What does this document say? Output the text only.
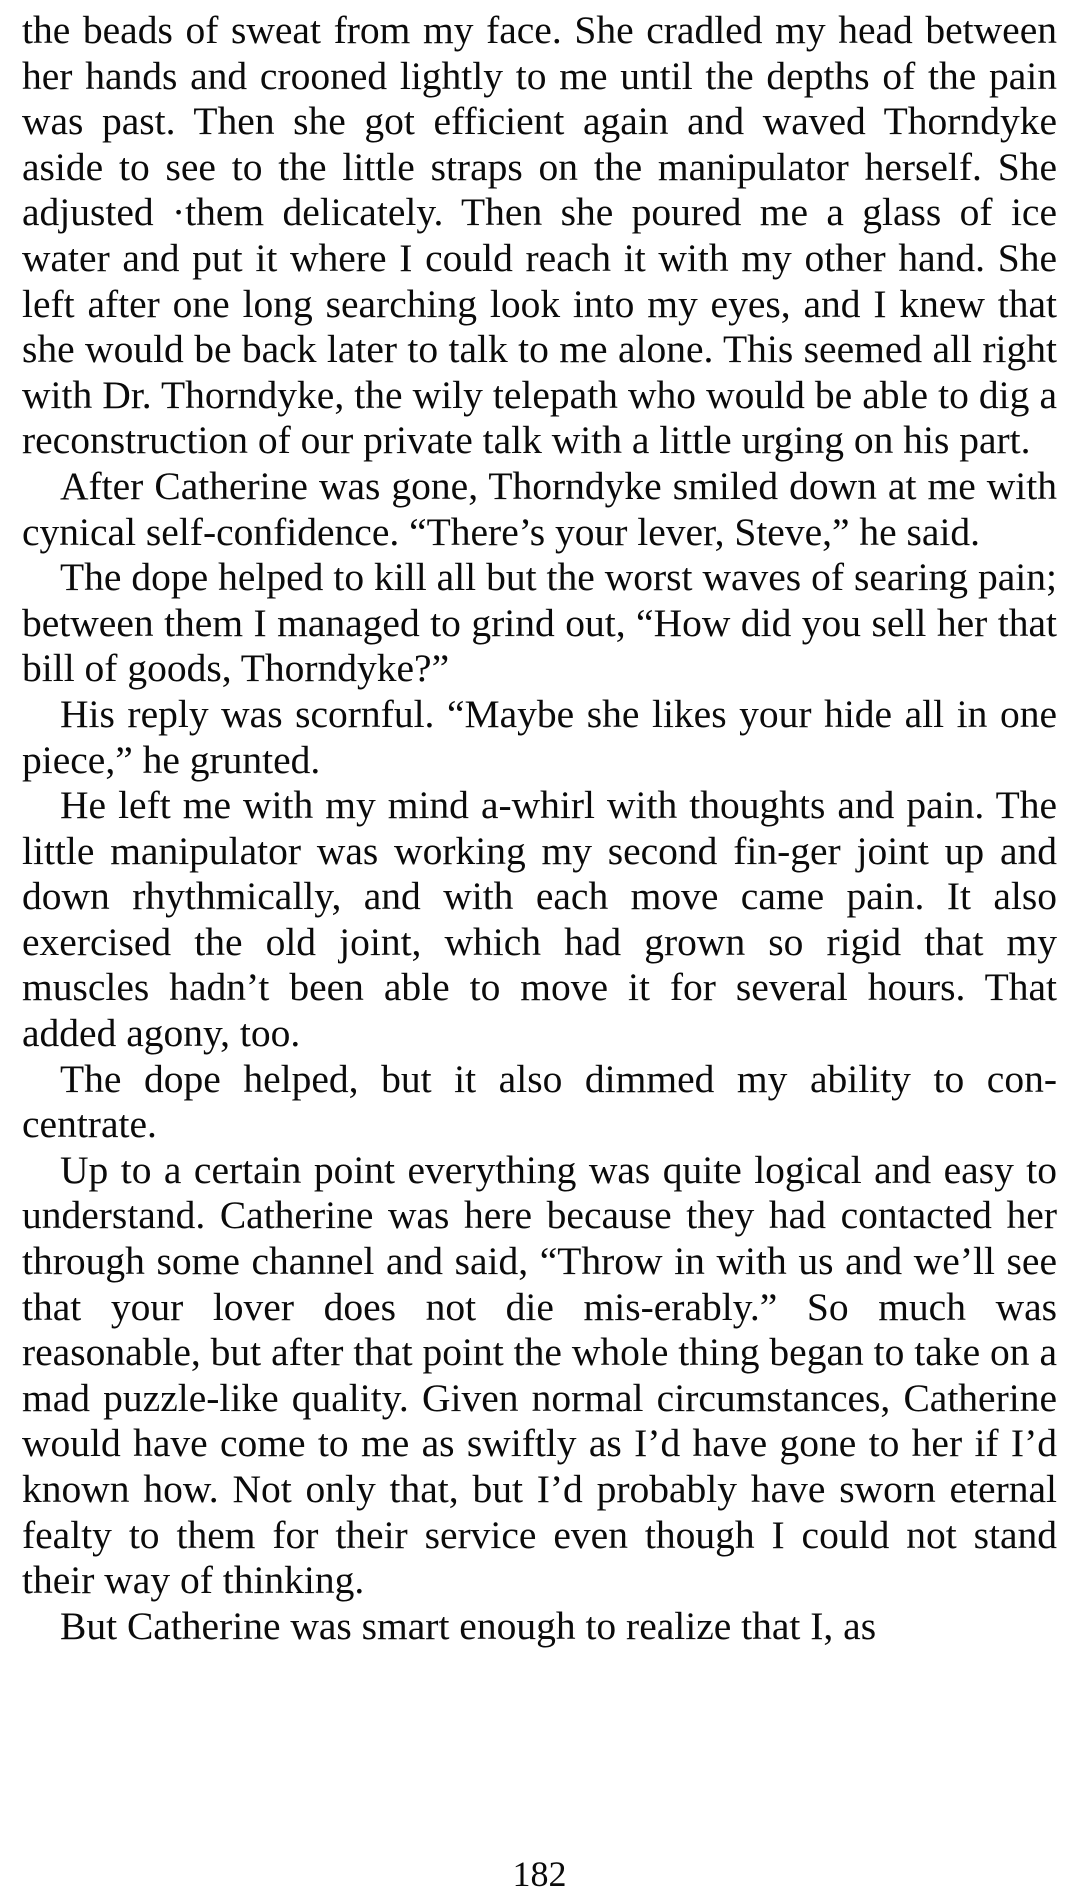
the beads of sweat from my face. She cradled my head between her hands and crooned lightly to me until the depths of the pain was past. Then she got efficient again and waved Thorndyke aside to see to the little straps on the manipulator herself. She adjusted ·them delicately. Then she poured me a glass of ice water and put it where I could reach it with my other hand. She left after one long searching look into my eyes, and I knew that she would be back later to talk to me alone. This seemed all right with Dr. Thorndyke, the wily telepath who would be able to dig a reconstruction of our private talk with a little urging on his part.

After Catherine was gone, Thorndyke smiled down at me with cynical self-confidence. “There’s your lever, Steve,” he said.

The dope helped to kill all but the worst waves of searing pain; between them I managed to grind out, “How did you sell her that bill of goods, Thorndyke?”

His reply was scornful. “Maybe she likes your hide all in one piece,” he grunted.

He left me with my mind a-whirl with thoughts and pain. The little manipulator was working my second fin-ger joint up and down rhythmically, and with each move came pain. It also exercised the old joint, which had grown so rigid that my muscles hadn’t been able to move it for several hours. That added agony, too.

The dope helped, but it also dimmed my ability to con-centrate.

Up to a certain point everything was quite logical and easy to understand. Catherine was here because they had contacted her through some channel and said, “Throw in with us and we’ll see that your lover does not die mis-erably.” So much was reasonable, but after that point the whole thing began to take on a mad puzzle-like quality. Given normal circumstances, Catherine would have come to me as swiftly as I’d have gone to her if I’d known how. Not only that, but I’d probably have sworn eternal fealty to them for their service even though I could not stand their way of thinking.

But Catherine was smart enough to realize that I, as

182
